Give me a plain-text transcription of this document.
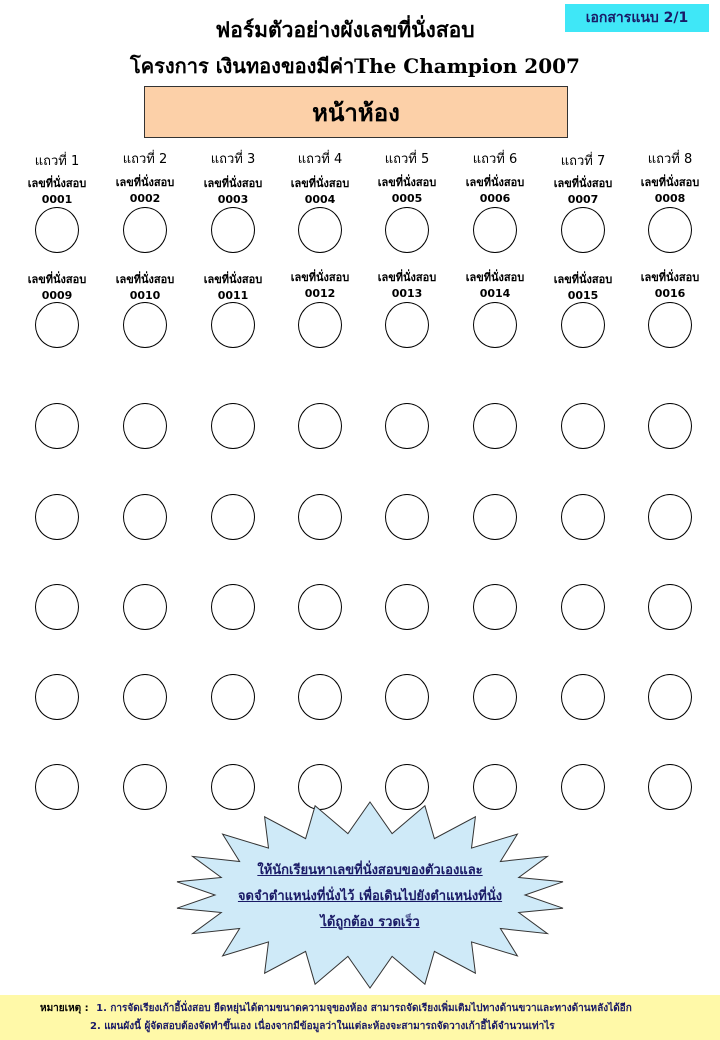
เอกสารแนบ 2/1
ฟอร์มตัวอย่างผังเลขที่นั่งสอบ
โครงการ เงินทองของมีค่าThe Champion 2007
หน้าห้อง
แถวที่ 1	แถวที่ 2	แถวที่ 3	แถวที่ 4	แถวที่ 5	แถวที่ 6	แถวที่ 7	แถวที่ 8
เลขที่นั่งสอบ
0001
เลขที่นั่งสอบ
0002
เลขที่นั่งสอบ
0003
เลขที่นั่งสอบ
0004
เลขที่นั่งสอบ
0005
เลขที่นั่งสอบ
0006
เลขที่นั่งสอบ
0007
เลขที่นั่งสอบ
0008
เลขที่นั่งสอบ
0009
เลขที่นั่งสอบ
0010
เลขที่นั่งสอบ
0011
เลขที่นั่งสอบ
0012
เลขที่นั่งสอบ
0013
เลขที่นั่งสอบ
0014
เลขที่นั่งสอบ
0015
เลขที่นั่งสอบ
0016
ให้นักเรียนหาเลขที่นั่งสอบของตัวเองและ
จดจำตำแหน่งที่นั่งไว้ เพื่อเดินไปยังตำแหน่งที่นั่ง
ได้ถูกต้อง รวดเร็ว
หมายเหตุ : 1. การจัดเรียงเก้าอี้นั่งสอบ ยืดหยุ่นได้ตามขนาดความจุของห้อง สามารถจัดเรียงเพิ่มเติมไปทางด้านขวาและทางด้านหลังได้อีก
2. แผนผังนี้ ผู้จัดสอบต้องจัดทำขึ้นเอง เนื่องจากมีข้อมูลว่าในแต่ละห้องจะสามารถจัดวางเก้าอี้ได้จำนวนเท่าไร
